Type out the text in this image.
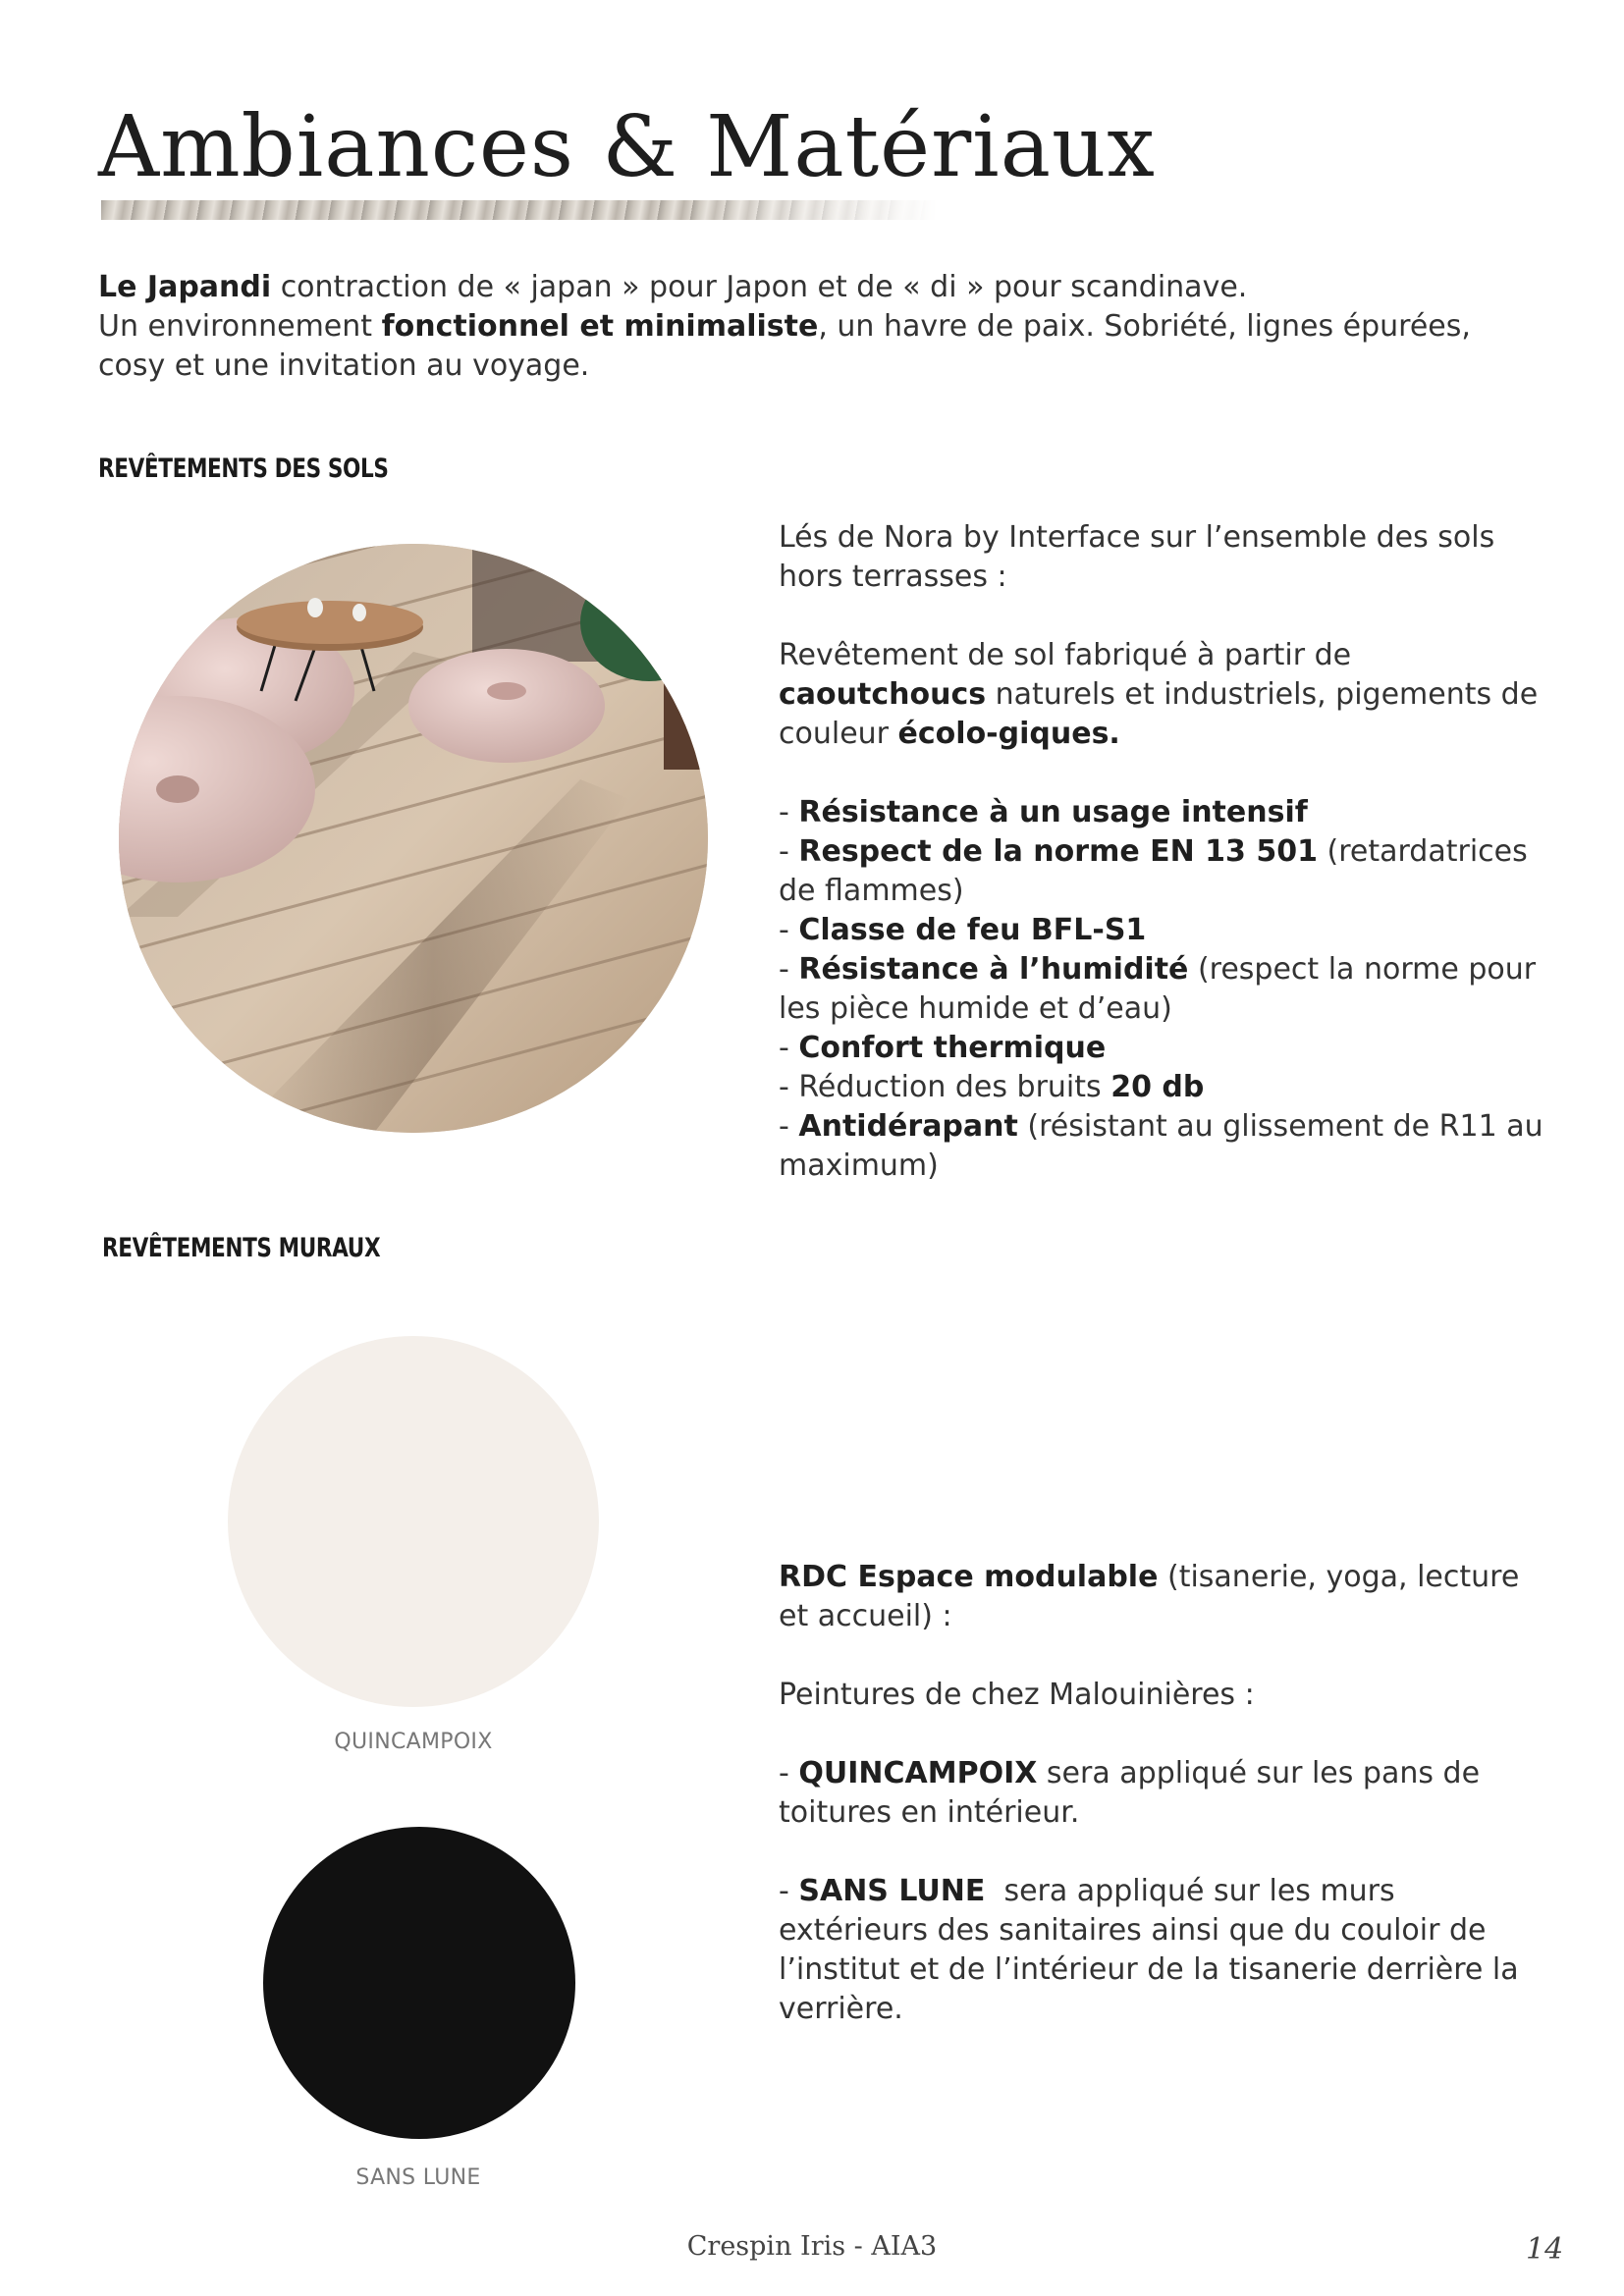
Ambiances & Matériaux

Le Japandi contraction de « japan » pour Japon et de « di » pour scandinave.

Un environnement fonctionnel et minimaliste, un havre de paix. Sobriété, lignes épurées, cosy et une invitation au voyage.

REVÊTEMENTS DES SOLS

Lés de Nora by Interface sur l’ensemble des sols hors terrasses :

Revêtement de sol fabriqué à partir de caoutchoucs naturels et industriels, pigements de couleur écolo-giques.

- Résistance à un usage intensif

- Respect de la norme EN 13 501 (retardatrices de flammes)

- Classe de feu BFL-S1

- Résistance à l’humidité (respect la norme pour les pièce humide et d’eau)

- Confort thermique

- Réduction des bruits 20 db

- Antidérapant (résistant au glissement de R11 au maximum)

REVÊTEMENTS MURAUX
QUINCAMPOIX
SANS LUNE

RDC Espace modulable (tisanerie, yoga, lecture et accueil) :

Peintures de chez Malouinières :

- QUINCAMPOIX sera appliqué sur les pans de toitures en intérieur.

- SANS LUNE  sera appliqué sur les murs extérieurs des sanitaires ainsi que du couloir de l’institut et de l’intérieur de la tisanerie derrière la verrière.

Crespin Iris - AIA3	14
